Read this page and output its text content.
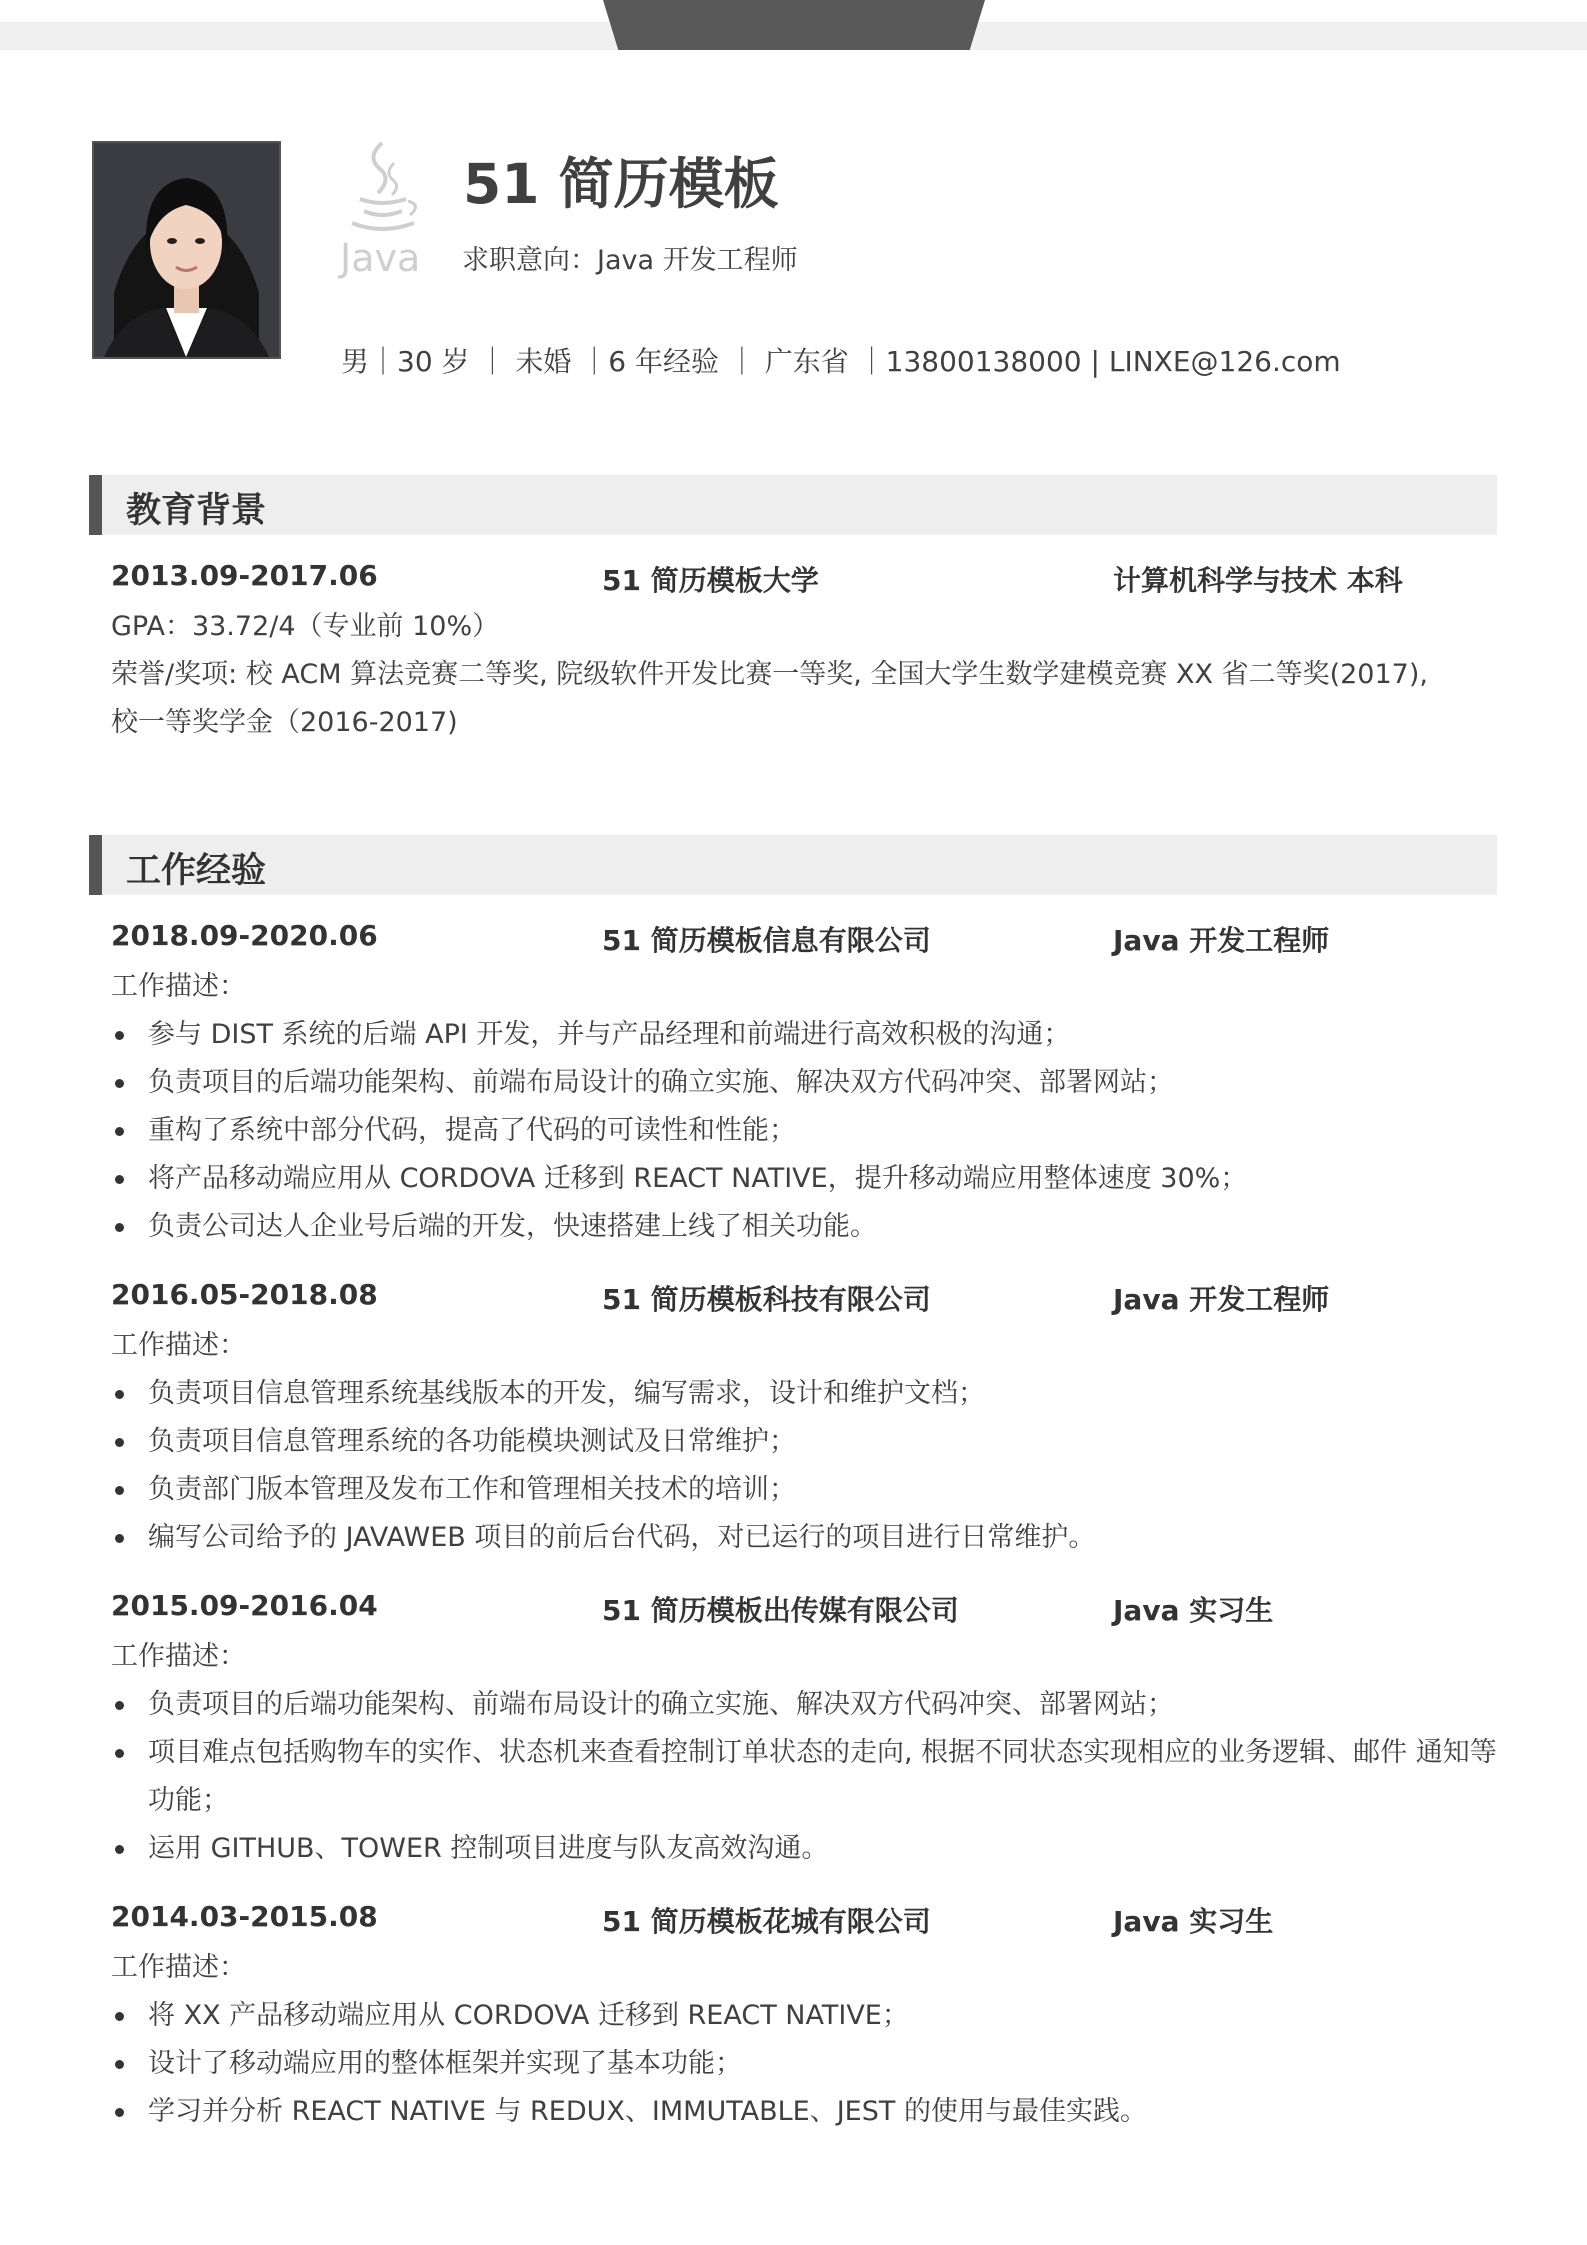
Java
51 简历模板
求职意向：Java 开发工程师
男｜30 岁 ｜ 未婚 ｜6 年经验 ｜ 广东省 ｜13800138000 | LINXE@126.com
教育背景
2013.09-2017.06	51 简历模板大学	计算机科学与技术 本科
GPA：33.72/4（专业前 10%）
荣誉/奖项: 校 ACM 算法竞赛二等奖, 院级软件开发比赛一等奖, 全国大学生数学建模竞赛 XX 省二等奖(2017),
校一等奖学金（2016-2017)
工作经验
2018.09-2020.06	51 简历模板信息有限公司	Java 开发工程师
工作描述：
参与 DIST 系统的后端 API 开发，并与产品经理和前端进行高效积极的沟通；
负责项目的后端功能架构、前端布局设计的确立实施、解决双方代码冲突、部署网站；
重构了系统中部分代码，提高了代码的可读性和性能；
将产品移动端应用从 CORDOVA 迁移到 REACT NATIVE，提升移动端应用整体速度 30%；
负责公司达人企业号后端的开发，快速搭建上线了相关功能。
2016.05-2018.08	51 简历模板科技有限公司	Java 开发工程师
工作描述：
负责项目信息管理系统基线版本的开发，编写需求，设计和维护文档；
负责项目信息管理系统的各功能模块测试及日常维护；
负责部门版本管理及发布工作和管理相关技术的培训；
编写公司给予的 JAVAWEB 项目的前后台代码，对已运行的项目进行日常维护。
2015.09-2016.04	51 简历模板出传媒有限公司	Java 实习生
工作描述：
负责项目的后端功能架构、前端布局设计的确立实施、解决双方代码冲突、部署网站；
项目难点包括购物车的实作、状态机来查看控制订单状态的走向, 根据不同状态实现相应的业务逻辑、邮件 通知等功能；
运用 GITHUB、TOWER 控制项目进度与队友高效沟通。
2014.03-2015.08	51 简历模板花城有限公司	Java 实习生
工作描述：
将 XX 产品移动端应用从 CORDOVA 迁移到 REACT NATIVE；
设计了移动端应用的整体框架并实现了基本功能；
学习并分析 REACT NATIVE 与 REDUX、IMMUTABLE、JEST 的使用与最佳实践。
